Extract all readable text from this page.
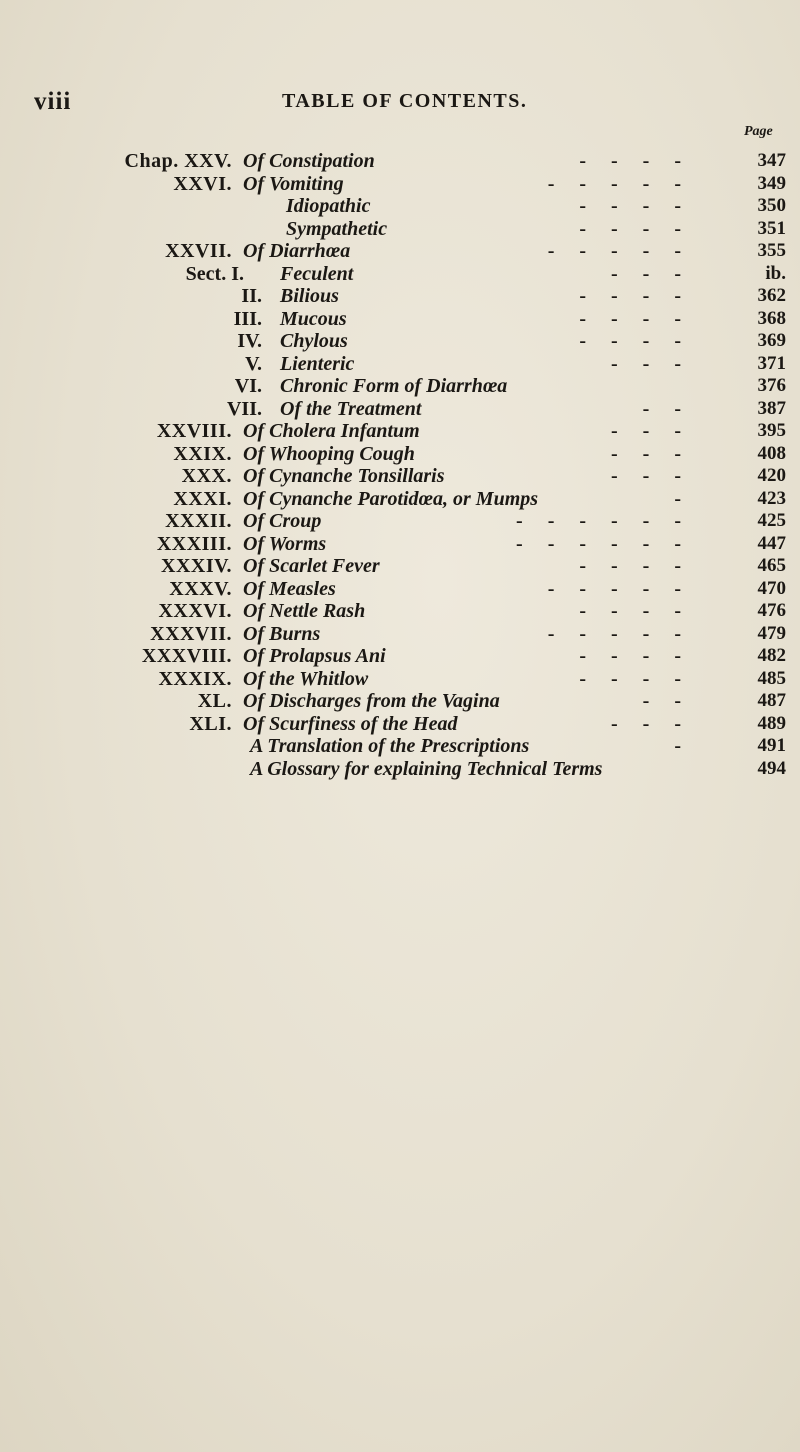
viii	TABLE OF CONTENTS.
Page
Chap. XXV. Of Constipation	-    -    -    -	347
XXVI. Of Vomiting	-    -    -    -    -	349
Idiopathic	-    -    -    -	350
Sympathetic	-    -    -    -	351
XXVII. Of Diarrhœa	-    -    -    -    -	355
Sect. I. Feculent	-    -    -	ib.
II. Bilious	-    -    -    -	362
III. Mucous	-    -    -    -	368
IV. Chylous	-    -    -    -	369
V. Lienteric	-    -    -	371
VI. Chronic Form of Diarrhœa	376
VII. Of the Treatment	-    -	387
XXVIII. Of Cholera Infantum	-    -    -	395
XXIX. Of Whooping Cough	-    -    -	408
XXX. Of Cynanche Tonsillaris	-    -    -	420
XXXI. Of Cynanche Parotidœa, or Mumps	-	423
XXXII. Of Croup	-    -    -    -    -    -	425
XXXIII. Of Worms	-    -    -    -    -    -	447
XXXIV. Of Scarlet Fever	-    -    -    -	465
XXXV. Of Measles	-    -    -    -    -	470
XXXVI. Of Nettle Rash	-    -    -    -	476
XXXVII. Of Burns	-    -    -    -    -	479
XXXVIII. Of Prolapsus Ani	-    -    -    -	482
XXXIX. Of the Whitlow	-    -    -    -	485
XL. Of Discharges from the Vagina	-    -	487
XLI. Of Scurfiness of the Head	-    -    -	489
A Translation of the Prescriptions	-	491
A Glossary for explaining Technical Terms	494
